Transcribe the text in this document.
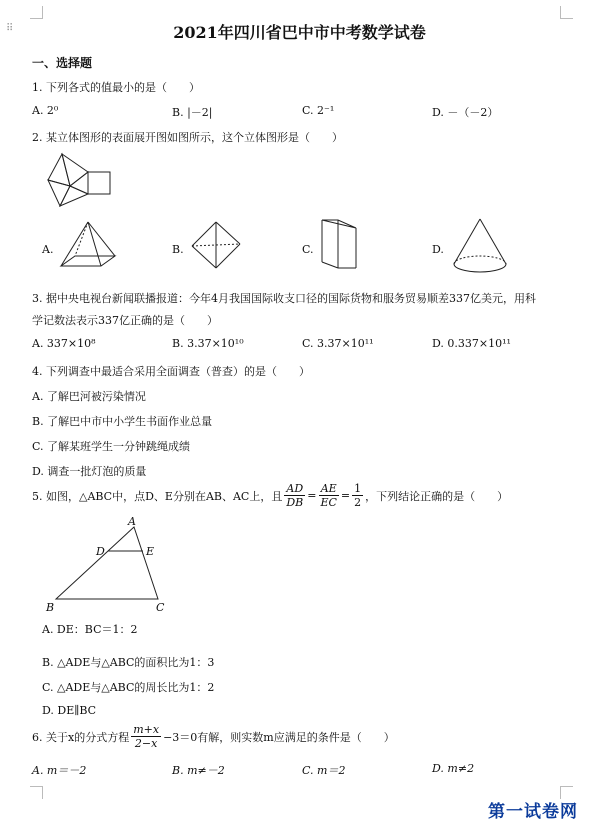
⠿	2021年四川省巴中市中考数学试卷
一、选择题
1. 下列各式的值最小的是（　　）
A. 2⁰	B. |－2|	C. 2⁻¹	D. －（－2）
2. 某立体图形的表面展开图如图所示，这个立体图形是（　　）
A.	B.	C.	D.
3. 据中央电视台新闻联播报道：今年4月我国国际收支口径的国际货物和服务贸易顺差337亿美元，用科
学记数法表示337亿正确的是（　　）
A. 337×10⁸	B. 3.37×10¹⁰	C. 3.37×10¹¹	D. 0.337×10¹¹
4. 下列调查中最适合采用全面调查（普查）的是（　　）
A. 了解巴河被污染情况
B. 了解巴中市中小学生书面作业总量
C. 了解某班学生一分钟跳绳成绩
D. 调查一批灯泡的质量
5. 如图，△ABC中，点D、E分别在AB、AC上，且 $\frac{AD}{DB} = \frac{AE}{EC} = \frac{1}{2}$ ，下列结论正确的是（　　）
A
D	E
B	C
A. DE：BC＝1：2
B. △ADE与△ABC的面积比为1：3
C. △ADE与△ABC的周长比为1：2
D. DE∥BC
6. 关于x的分式方程 $\frac{m+x}{2-x} -3=0$有解，则实数m应满足的条件是（　　）
A. m＝－2	B. m≠－2	C. m＝2	D. m≠2
第一试卷网
